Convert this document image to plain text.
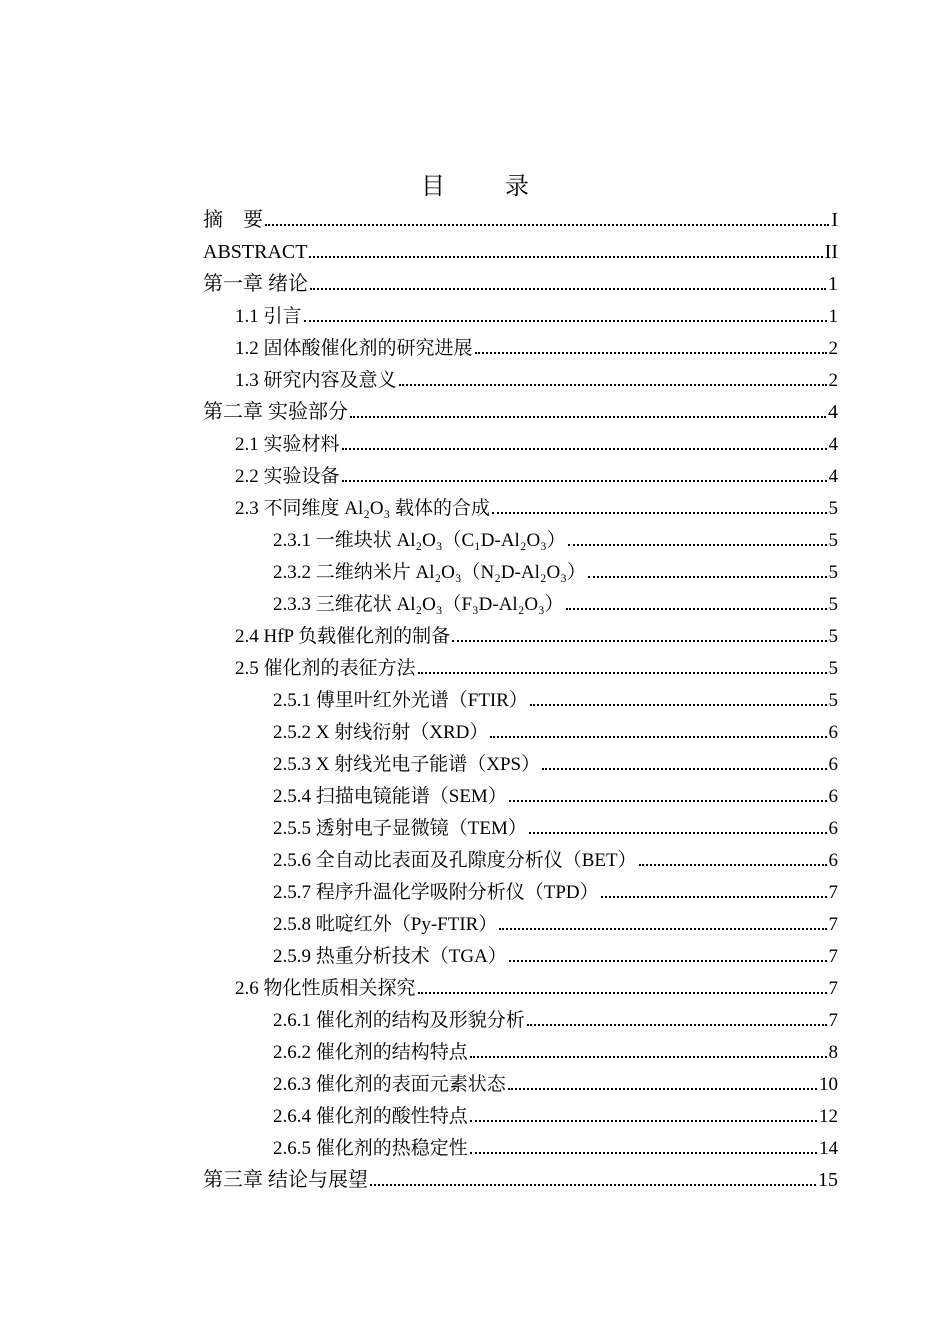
目　录
摘　要	I
ABSTRACT	II
第一章 绪论	1
1.1 引言	1
1.2 固体酸催化剂的研究进展	2
1.3 研究内容及意义	2
第二章 实验部分	4
2.1 实验材料	4
2.2 实验设备	4
2.3 不同维度 Al₂O₃ 载体的合成	5
2.3.1 一维块状 Al₂O₃（C₁D-Al₂O₃）	5
2.3.2 二维纳米片 Al₂O₃（N₂D-Al₂O₃）	5
2.3.3 三维花状 Al₂O₃（F₃D-Al₂O₃）	5
2.4 HfP 负载催化剂的制备	5
2.5 催化剂的表征方法	5
2.5.1 傅里叶红外光谱（FTIR）	5
2.5.2 X 射线衍射（XRD）	6
2.5.3 X 射线光电子能谱（XPS）	6
2.5.4 扫描电镜能谱（SEM）	6
2.5.5 透射电子显微镜（TEM）	6
2.5.6 全自动比表面及孔隙度分析仪（BET）	6
2.5.7 程序升温化学吸附分析仪（TPD）	7
2.5.8 吡啶红外（Py-FTIR）	7
2.5.9 热重分析技术（TGA）	7
2.6 物化性质相关探究	7
2.6.1 催化剂的结构及形貌分析	7
2.6.2 催化剂的结构特点	8
2.6.3 催化剂的表面元素状态	10
2.6.4 催化剂的酸性特点	12
2.6.5 催化剂的热稳定性	14
第三章 结论与展望	15
